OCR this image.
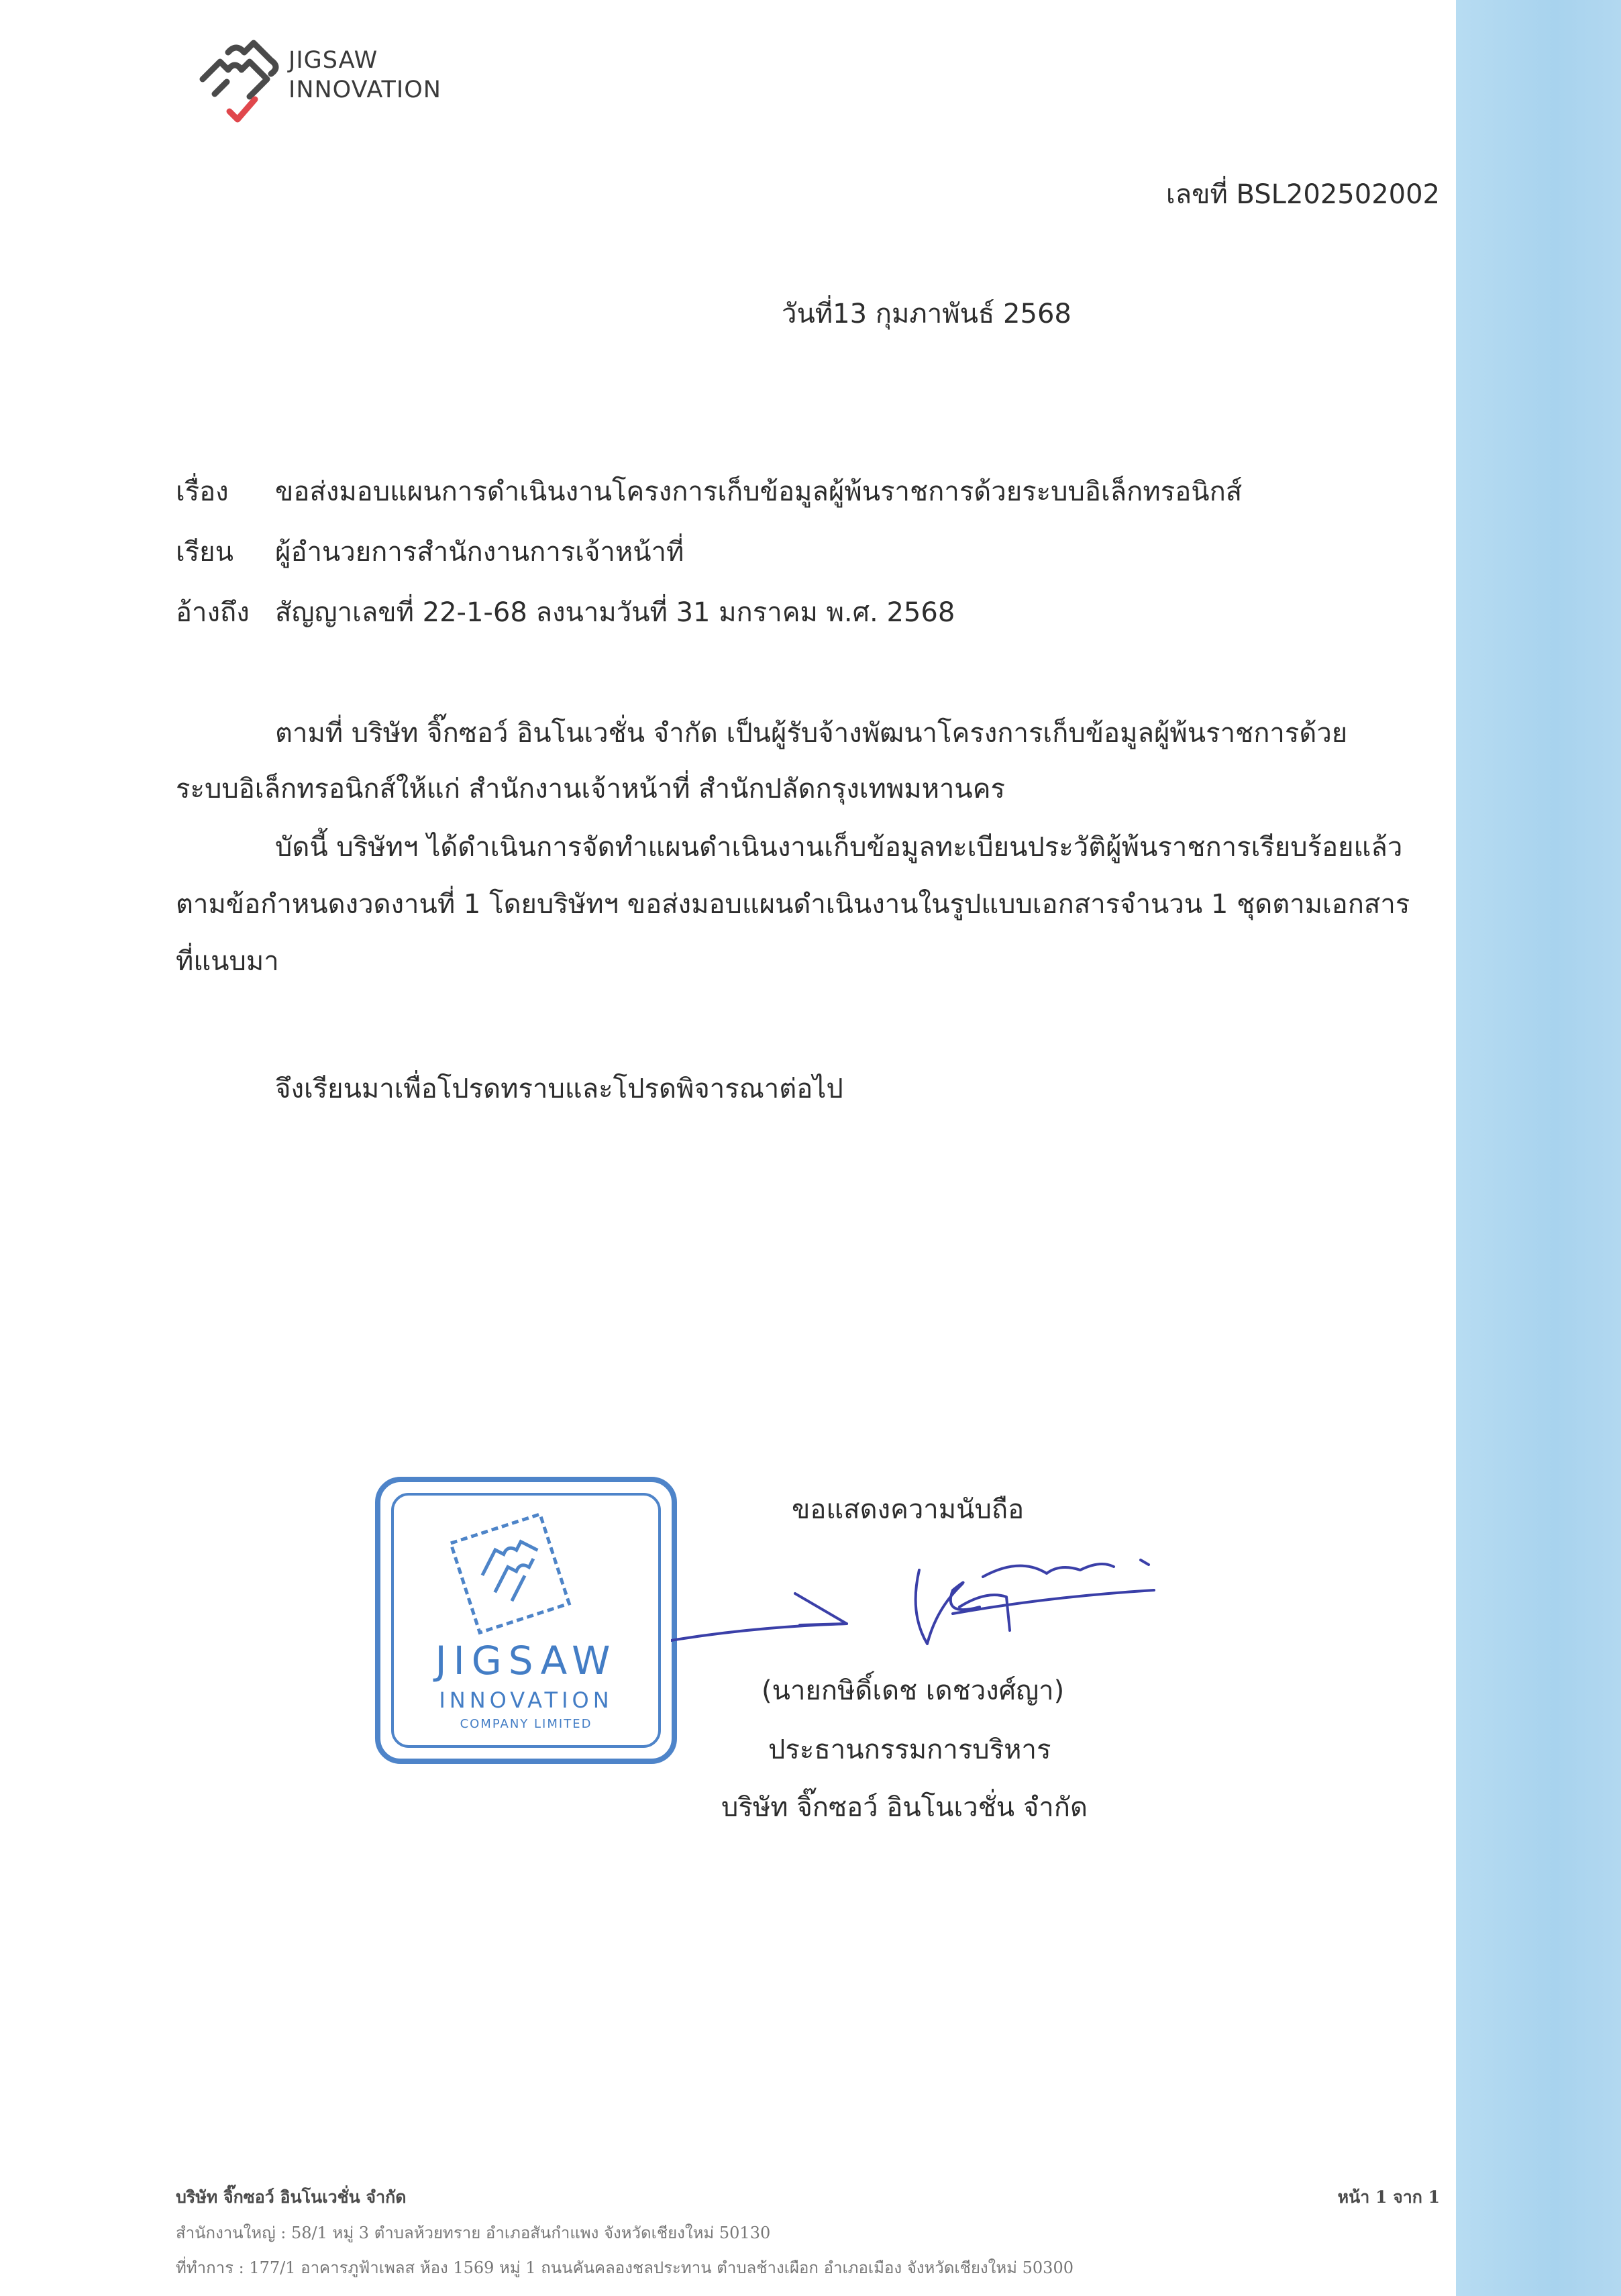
JIGSAW
INNOVATION
เลขที่ BSL202502002
วันที่13 กุมภาพันธ์ 2568
เรื่อง ขอส่งมอบแผนการดำเนินงานโครงการเก็บข้อมูลผู้พ้นราชการด้วยระบบอิเล็กทรอนิกส์
เรียน ผู้อำนวยการสำนักงานการเจ้าหน้าที่
อ้างถึง สัญญาเลขที่ 22-1-68 ลงนามวันที่ 31 มกราคม พ.ศ. 2568
ตามที่ บริษัท จิ๊กซอว์ อินโนเวชั่น จำกัด เป็นผู้รับจ้างพัฒนาโครงการเก็บข้อมูลผู้พ้นราชการด้วย
ระบบอิเล็กทรอนิกส์ให้แก่ สำนักงานเจ้าหน้าที่ สำนักปลัดกรุงเทพมหานคร
บัดนี้ บริษัทฯ ได้ดำเนินการจัดทำแผนดำเนินงานเก็บข้อมูลทะเบียนประวัติผู้พ้นราชการเรียบร้อยแล้ว
ตามข้อกำหนดงวดงานที่ 1 โดยบริษัทฯ ขอส่งมอบแผนดำเนินงานในรูปแบบเอกสารจำนวน 1 ชุดตามเอกสาร
ที่แนบมา
จึงเรียนมาเพื่อโปรดทราบและโปรดพิจารณาต่อไป
ขอแสดงความนับถือ
JIGSAW
INNOVATION
COMPANY LIMITED
(นายกษิดิ์เดช เดชวงศ์ญา)
ประธานกรรมการบริหาร
บริษัท จิ๊กซอว์ อินโนเวชั่น จำกัด
บริษัท จิ๊กซอว์ อินโนเวชั่น จำกัด	หน้า 1 จาก 1
สำนักงานใหญ่ : 58/1 หมู่ 3 ตำบลห้วยทราย อำเภอสันกำแพง จังหวัดเชียงใหม่ 50130
ที่ทำการ : 177/1 อาคารภูฟ้าเพลส ห้อง 1569 หมู่ 1 ถนนคันคลองชลประทาน ตำบลช้างเผือก อำเภอเมือง จังหวัดเชียงใหม่ 50300
